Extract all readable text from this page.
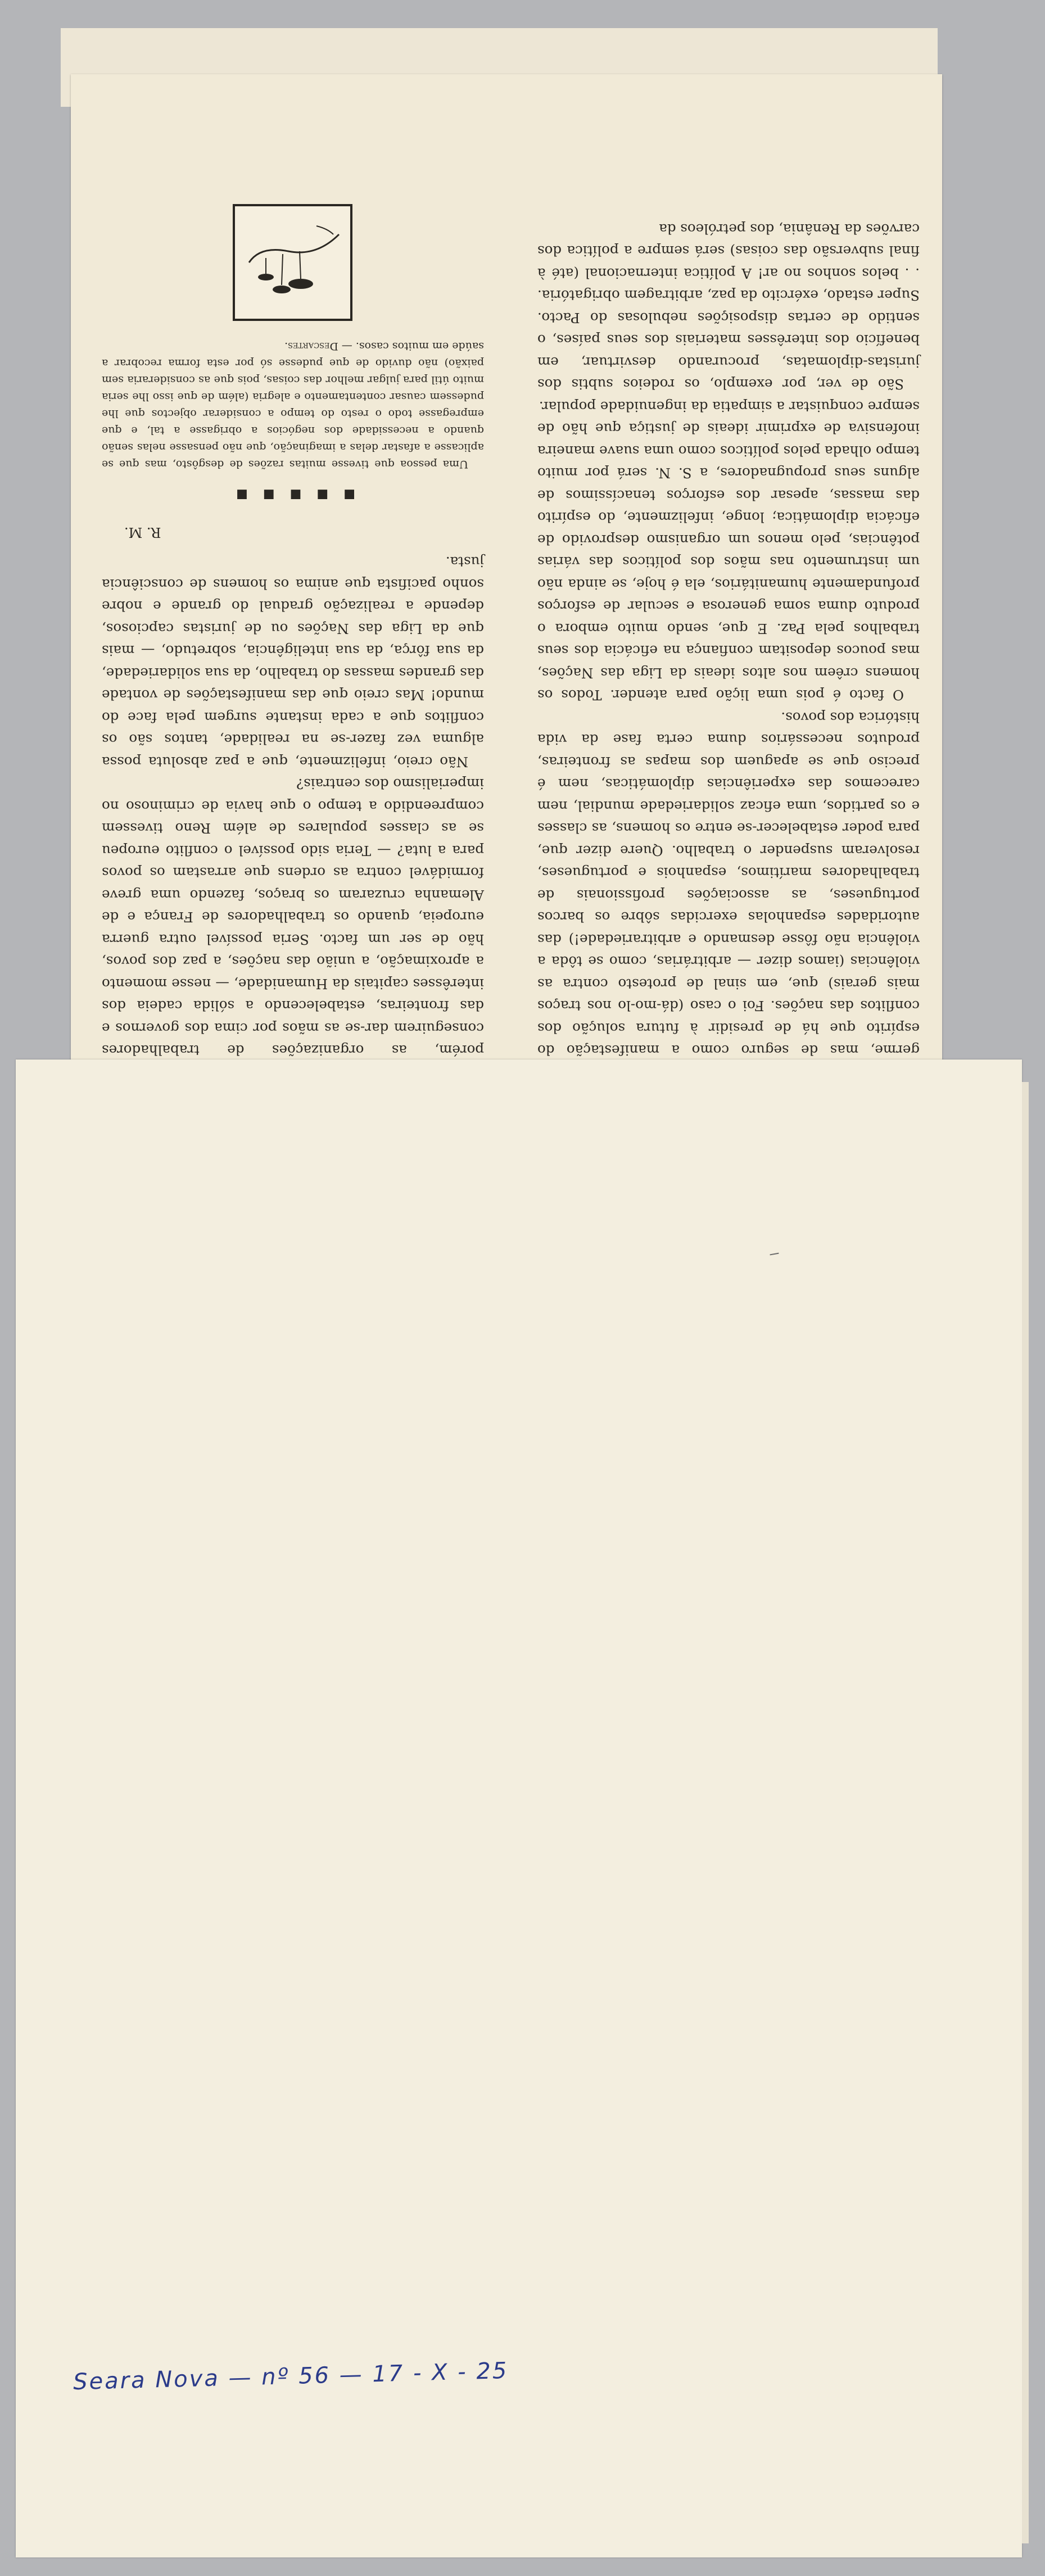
germe, mas de seguro como a manifestação do espírito que há de presidir à futura solução dos conflitos das nações. Foi o caso (dá-mo-lo nos traços mais gerais) que, em sinal de protesto contra as violências (iamos dizer — arbitrárias, como se tôda a violência não fôsse desmando e arbitrariedade!) das autoridades espanholas exercidas sôbre os barcos portugueses, as associações profissionais de trabalhadores marítimos, espanhois e portugueses, resolveram suspender o trabalho. Quere dizer que, para poder estabelecer-se entre os homens, as classes e os partidos, uma eficaz solidariedade mundial, nem carecemos das experiências diplomáticas, nem é preciso que se apaguem dos mapas as fronteiras, produtos necessários duma certa fase da vida histórica dos povos.

O facto é pois uma lição para atender. Todos os homens crêem nos altos ideais da Liga das Nações, mas poucos depositam confiança na eficácia dos seus trabalhos pela Paz. E que, sendo muito embora o produto duma soma generosa e secular de esforços profundamente humanitários, ela é hoje, se ainda não um instrumento nas mãos dos políticos das várias potências, pelo menos um organismo desprovido de eficácia diplomática; longe, infelizmente, do espírito das massas, apesar dos esforços tenacíssimos de alguns seus propugnadores, a S. N. será por muito tempo olhada pelos políticos como uma suave maneira inofensiva de exprimir ideais de justiça que hão de sempre conquistar a simpatia da ingenuidade popular.

São de ver, por exemplo, os rodeios subtis dos juristas-diplomatas, procurando desvirtuar, em benefício dos interêsses materiais dos seus países, o sentido de certas disposições nebulosas do Pacto. Super estado, exército da paz, arbitragem obrigatória. . . belos sonhos no ar! A política internacional (até à final subversão das coisas) será sempre a política dos carvões da Renânia, dos petróleos da

porém, as organizações de trabalhadores conseguirem dar-se as mãos por cima dos governos e das fronteiras, estabelecendo a sólida cadeia dos interêsses capitais da Humanidade, — nesse momento a aproximação, a união das nações, a paz dos povos, hão de ser um facto. Seria possível outra guerra europeia, quando os trabalhadores de França e de Alemanha cruzaram os braços, fazendo uma greve formidável contra as ordens que arrastam os povos para a luta? — Teria sido possível o conflito europeu se as classes populares de além Reno tivessem compreendido a tempo o que havia de criminoso no imperialismo dos centrais?

Não creio, infelizmente, que a paz absoluta possa alguma vez fazer-se na realidade, tantos são os conflitos que a cada instante surgem pela face do mundo! Mas creio que das manifestações de vontade das grandes massas do trabalho, da sua solidariedade, da sua fôrça, da sua inteligência, sobretudo, — mais que da Liga das Nações ou de juristas capciosos, depende a realização gradual do grande e nobre sonho pacifista que anima os homens de consciência justa.

R. M.
■ ■ ■ ■ ■

Uma pessoa que tivesse muitas razões de desgôsto, mas que se aplicasse a afastar delas a imaginação, que não pensasse nelas senão quando a necessidade dos negócios a obrigasse a tal, e que empregasse todo o resto do tempo a considerar objectos que lhe pudessem causar contentamento e alegria (além de que isso lhe seria muito útil para julgar melhor das coisas, pois que as consideraria sem paixão) não duvido de que pudesse só por esta forma recobrar a saúde em muitos casos. — Descartes.

Seara Nova — nº 56 — 17 - X - 25
